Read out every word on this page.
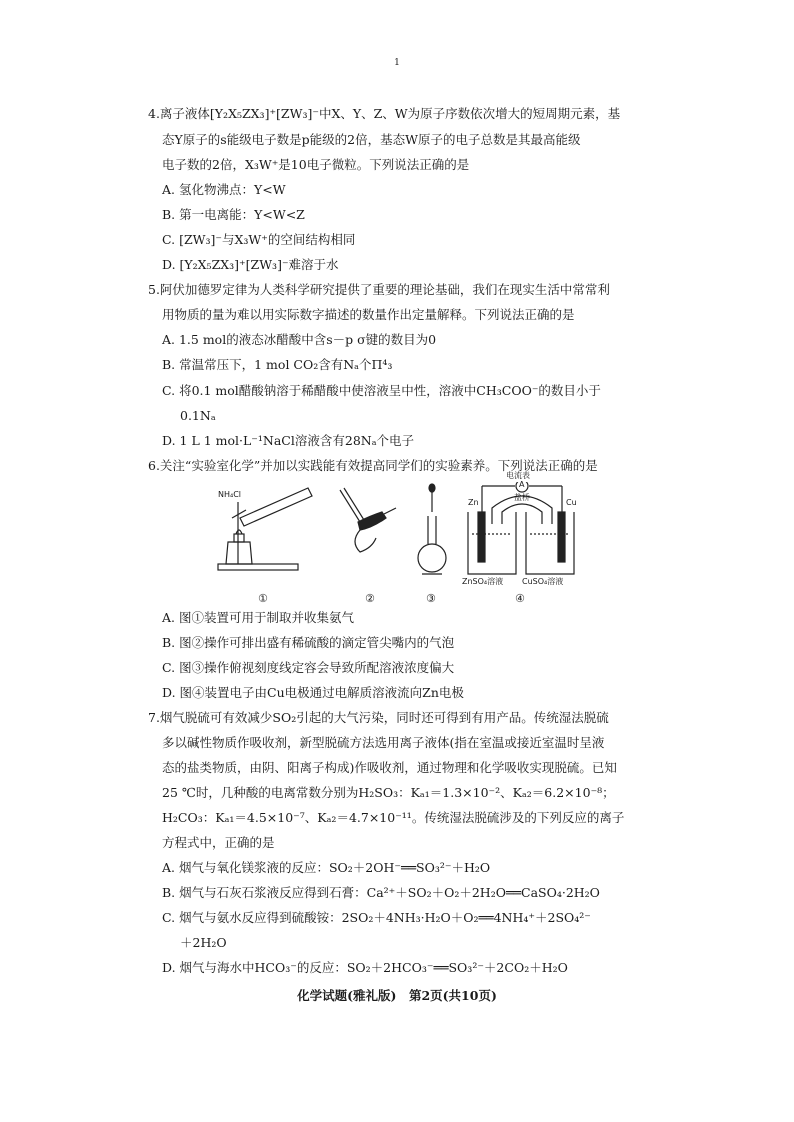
1
4.离子液体[Y₂X₅ZX₃]⁺[ZW₃]⁻中X、Y、Z、W为原子序数依次增大的短周期元素，基
态Y原子的s能级电子数是p能级的2倍，基态W原子的电子总数是其最高能级
电子数的2倍，X₃W⁺是10电子微粒。下列说法正确的是
A. 氢化物沸点：Y<W
B. 第一电离能：Y<W<Z
C. [ZW₃]⁻与X₃W⁺的空间结构相同
D. [Y₂X₅ZX₃]⁺[ZW₃]⁻难溶于水
5.阿伏加德罗定律为人类科学研究提供了重要的理论基础，我们在现实生活中常常利
用物质的量为难以用实际数字描述的数量作出定量解释。下列说法正确的是
A. 1.5 mol的液态冰醋酸中含s－p σ键的数目为0
B. 常温常压下，1 mol CO₂含有Nₐ个Π⁴₃
C. 将0.1 mol醋酸钠溶于稀醋酸中使溶液呈中性，溶液中CH₃COO⁻的数目小于
0.1Nₐ
D. 1 L 1 mol·L⁻¹NaCl溶液含有28Nₐ个电子
6.关注“实验室化学”并加以实践能有效提高同学们的实验素养。下列说法正确的是
NH₄Cl
电流表
A
盐桥
Zn	Cu
ZnSO₄溶液 CuSO₄溶液
①	②	③	④
A. 图①装置可用于制取并收集氨气
B. 图②操作可排出盛有稀硫酸的滴定管尖嘴内的气泡
C. 图③操作俯视刻度线定容会导致所配溶液浓度偏大
D. 图④装置电子由Cu电极通过电解质溶液流向Zn电极
7.烟气脱硫可有效减少SO₂引起的大气污染，同时还可得到有用产品。传统湿法脱硫
多以碱性物质作吸收剂，新型脱硫方法选用离子液体(指在室温或接近室温时呈液
态的盐类物质，由阴、阳离子构成)作吸收剂，通过物理和化学吸收实现脱硫。已知
25 ℃时，几种酸的电离常数分别为H₂SO₃：Kₐ₁＝1.3×10⁻²、Kₐ₂＝6.2×10⁻⁸；
H₂CO₃：Kₐ₁＝4.5×10⁻⁷、Kₐ₂＝4.7×10⁻¹¹。传统湿法脱硫涉及的下列反应的离子
方程式中，正确的是
A. 烟气与氧化镁浆液的反应：SO₂＋2OH⁻══SO₃²⁻＋H₂O
B. 烟气与石灰石浆液反应得到石膏：Ca²⁺＋SO₂＋O₂＋2H₂O══CaSO₄·2H₂O
C. 烟气与氨水反应得到硫酸铵：2SO₂＋4NH₃·H₂O＋O₂══4NH₄⁺＋2SO₄²⁻
＋2H₂O
D. 烟气与海水中HCO₃⁻的反应：SO₂＋2HCO₃⁻══SO₃²⁻＋2CO₂＋H₂O
化学试题(雅礼版)　第2页(共10页)
